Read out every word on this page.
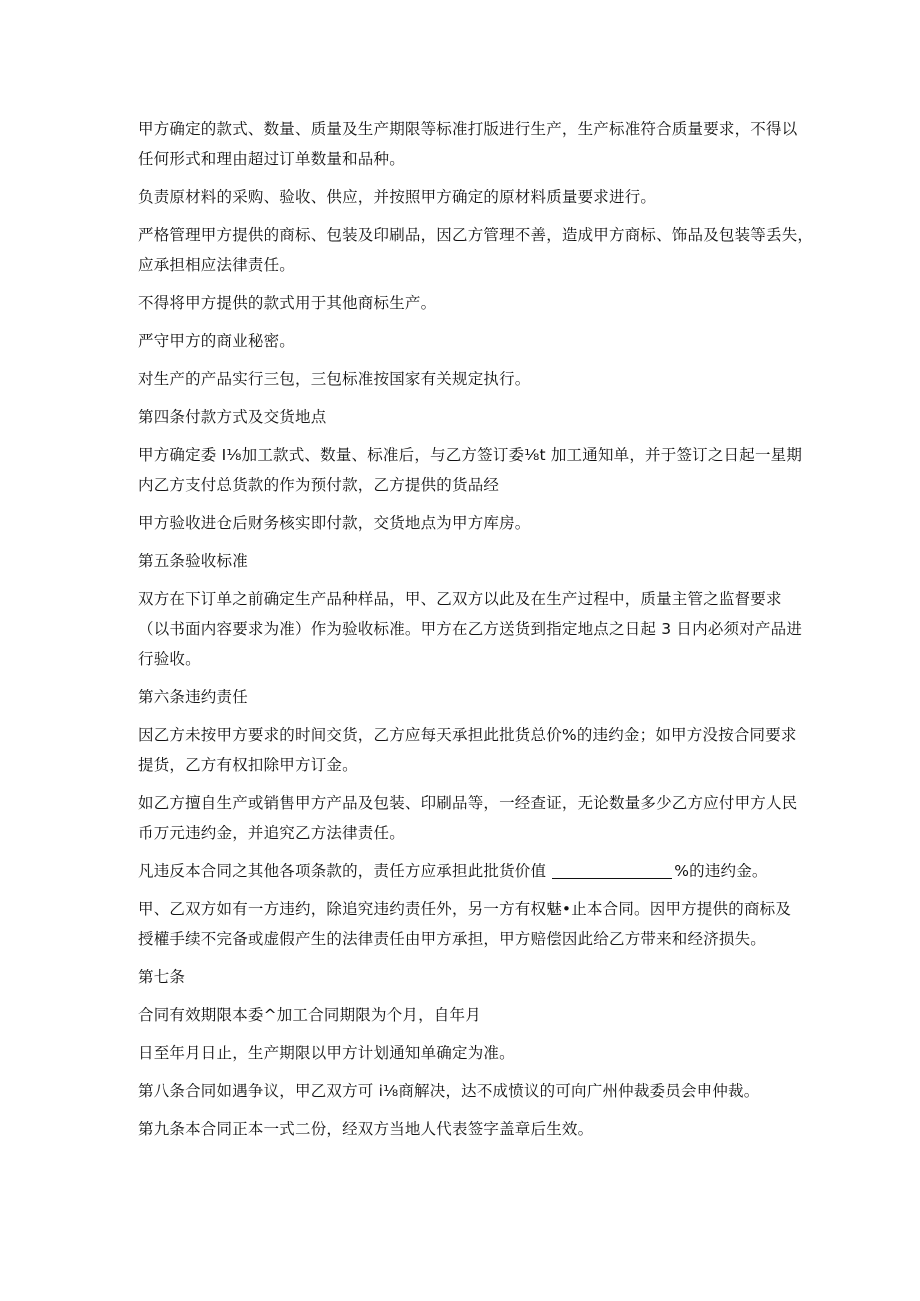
甲方确定的款式、数量、质量及生产期限等标准打版进行生产，生产标准符合质量要求，不得以
任何形式和理由超过订单数量和品种。

负责原材料的采购、验收、供应，并按照甲方确定的原材料质量要求进行。

严格管理甲方提供的商标、包装及印刷品，因乙方管理不善，造成甲方商标、饰品及包装等丢失，
应承担相应法律责任。

不得将甲方提供的款式用于其他商标生产。

严守甲方的商业秘密。

对生产的产品实行三包，三包标准按国家有关规定执行。

第四条付款方式及交货地点

甲方确定委 I⅛加工款式、数量、标准后，与乙方签订委⅛t 加工通知单，并于签订之日起一星期
内乙方支付总货款的作为预付款，乙方提供的货品经

甲方验收进仓后财务核实即付款，交货地点为甲方库房。

第五条验收标准

双方在下订单之前确定生产品种样品，甲、乙双方以此及在生产过程中，质量主管之监督要求
（以书面内容要求为准）作为验收标准。甲方在乙方送货到指定地点之日起 3 日内必须对产品进
行验收。

第六条违约责任

因乙方未按甲方要求的时间交货，乙方应每天承担此批货总价%的违约金；如甲方没按合同要求
提货，乙方有权扣除甲方订金。

如乙方擅自生产或销售甲方产品及包装、印刷品等，一经查证，无论数量多少乙方应付甲方人民
币万元违约金，并追究乙方法律责任。

凡违反本合同之其他各项条款的，责任方应承担此批货价值	%的违约金。

甲、乙双方如有一方违约，除追究违约责任外，另一方有权魅•止本合同。因甲方提供的商标及
授權手续不完备或虚假产生的法律责任由甲方承担，甲方赔偿因此给乙方带来和经济损失。

第七条

合同有效期限本委^加工合同期限为个月，自年月

日至年月日止，生产期限以甲方计划通知单确定为准。

第八条合同如遇争议，甲乙双方可 i⅛商解决，达不成愤议的可向广州仲裁委员会申仲裁。

第九条本合同正本一式二份，经双方当地人代表签字盖章后生效。
